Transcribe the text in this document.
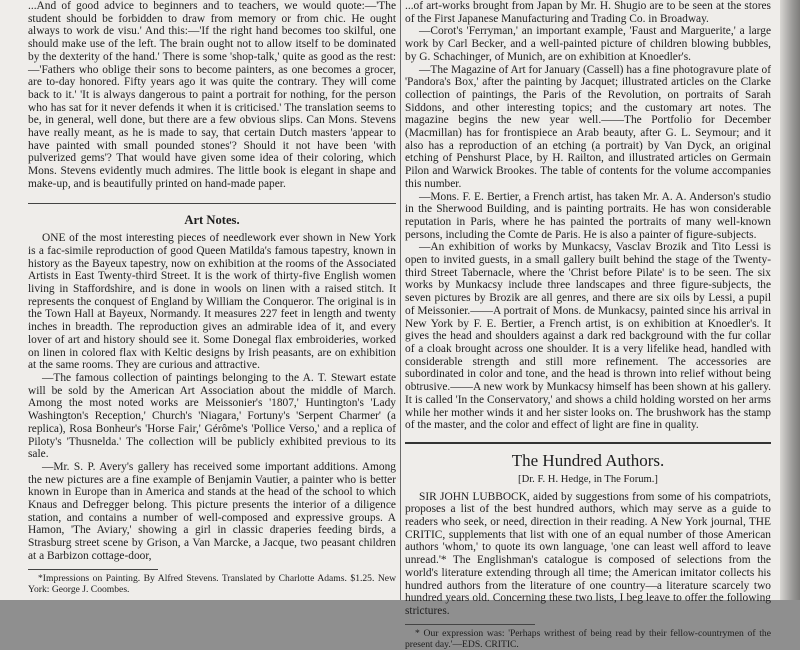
...And of good advice to beginners and to teachers, we would quote:—'The student should be forbidden to draw from memory or from chic. He ought always to work de visu.' And this:—'If the right hand becomes too skilful, one should make use of the left. The brain ought not to allow itself to be dominated by the dexterity of the hand.' There is some 'shop-talk,' quite as good as the rest:—'Fathers who oblige their sons to become painters, as one becomes a grocer, are to-day honored. Fifty years ago it was quite the contrary. They will come back to it.' 'It is always dangerous to paint a portrait for nothing, for the person who has sat for it never defends it when it is criticised.' The translation seems to be, in general, well done, but there are a few obvious slips. Can Mons. Stevens have really meant, as he is made to say, that certain Dutch masters 'appear to have painted with small pounded stones'? Should it not have been 'with pulverized gems'? That would have given some idea of their coloring, which Mons. Stevens evidently much admires. The little book is elegant in shape and make-up, and is beautifully printed on hand-made paper.

Art Notes.

ONE of the most interesting pieces of needlework ever shown in New York is a fac-simile reproduction of good Queen Matilda's famous tapestry, known in history as the Bayeux tapestry, now on exhibition at the rooms of the Associated Artists in East Twenty-third Street. It is the work of thirty-five English women living in Staffordshire, and is done in wools on linen with a raised stitch. It represents the conquest of England by William the Conqueror. The original is in the Town Hall at Bayeux, Normandy. It measures 227 feet in length and twenty inches in breadth. The reproduction gives an admirable idea of it, and every lover of art and history should see it. Some Donegal flax embroideries, worked on linen in colored flax with Keltic designs by Irish peasants, are on exhibition at the same rooms. They are curious and attractive.

—The famous collection of paintings belonging to the A. T. Stewart estate will be sold by the American Art Association about the middle of March. Among the most noted works are Meissonier's '1807,' Huntington's 'Lady Washington's Reception,' Church's 'Niagara,' Fortuny's 'Serpent Charmer' (a replica), Rosa Bonheur's 'Horse Fair,' Gérôme's 'Pollice Verso,' and a replica of Piloty's 'Thusnelda.' The collection will be publicly exhibited previous to its sale.

—Mr. S. P. Avery's gallery has received some important additions. Among the new pictures are a fine example of Benjamin Vautier, a painter who is better known in Europe than in America and stands at the head of the school to which Knaus and Defregger belong. This picture presents the interior of a diligence station, and contains a number of well-composed and expressive groups. A Hamon, 'The Aviary,' showing a girl in classic draperies feeding birds, a Strasburg street scene by Grison, a Van Marcke, a Jacque, two peasant children at a Barbizon cottage-door,

*Impressions on Painting. By Alfred Stevens. Translated by Charlotte Adams. $1.25. New York: George J. Coombes.

...of art-works brought from Japan by Mr. H. Shugio are to be seen at the stores of the First Japanese Manufacturing and Trading Co. in Broadway.

—Corot's 'Ferryman,' an important example, 'Faust and Marguerite,' a large work by Carl Becker, and a well-painted picture of children blowing bubbles, by G. Schachinger, of Munich, are on exhibition at Knoedler's.

—The Magazine of Art for January (Cassell) has a fine photogravure plate of 'Pandora's Box,' after the painting by Jacquet; illustrated articles on the Clarke collection of paintings, the Paris of the Revolution, on portraits of Sarah Siddons, and other interesting topics; and the customary art notes. The magazine begins the new year well.——The Portfolio for December (Macmillan) has for frontispiece an Arab beauty, after G. L. Seymour; and it also has a reproduction of an etching (a portrait) by Van Dyck, an original etching of Penshurst Place, by H. Railton, and illustrated articles on Germain Pilon and Warwick Brookes. The table of contents for the volume accompanies this number.

—Mons. F. E. Bertier, a French artist, has taken Mr. A. A. Anderson's studio in the Sherwood Building, and is painting portraits. He has won considerable reputation in Paris, where he has painted the portraits of many well-known persons, including the Comte de Paris. He is also a painter of figure-subjects.

—An exhibition of works by Munkacsy, Vasclav Brozik and Tito Lessi is open to invited guests, in a small gallery built behind the stage of the Twenty-third Street Tabernacle, where the 'Christ before Pilate' is to be seen. The six works by Munkacsy include three landscapes and three figure-subjects, the seven pictures by Brozik are all genres, and there are six oils by Lessi, a pupil of Meissonier.——A portrait of Mons. de Munkacsy, painted since his arrival in New York by F. E. Bertier, a French artist, is on exhibition at Knoedler's. It gives the head and shoulders against a dark red background with the fur collar of a cloak brought across one shoulder. It is a very lifelike head, handled with considerable strength and still more refinement. The accessories are subordinated in color and tone, and the head is thrown into relief without being obtrusive.——A new work by Munkacsy himself has been shown at his gallery. It is called 'In the Conservatory,' and shows a child holding worsted on her arms while her mother winds it and her sister looks on. The brushwork has the stamp of the master, and the color and effect of light are fine in quality.

The Hundred Authors.
[Dr. F. H. Hedge, in The Forum.]

SIR JOHN LUBBOCK, aided by suggestions from some of his compatriots, proposes a list of the best hundred authors, which may serve as a guide to readers who seek, or need, direction in their reading. A New York journal, THE CRITIC, supplements that list with one of an equal number of those American authors 'whom,' to quote its own language, 'one can least well afford to leave unread.'* The Englishman's catalogue is composed of selections from the world's literature extending through all time; the American imitator collects his hundred authors from the literature of one country—a literature scarcely two hundred years old. Concerning these two lists, I beg leave to offer the following strictures.

* Our expression was: 'Perhaps writhest of being read by their fellow-countrymen of the present day.'—EDS. CRITIC.
